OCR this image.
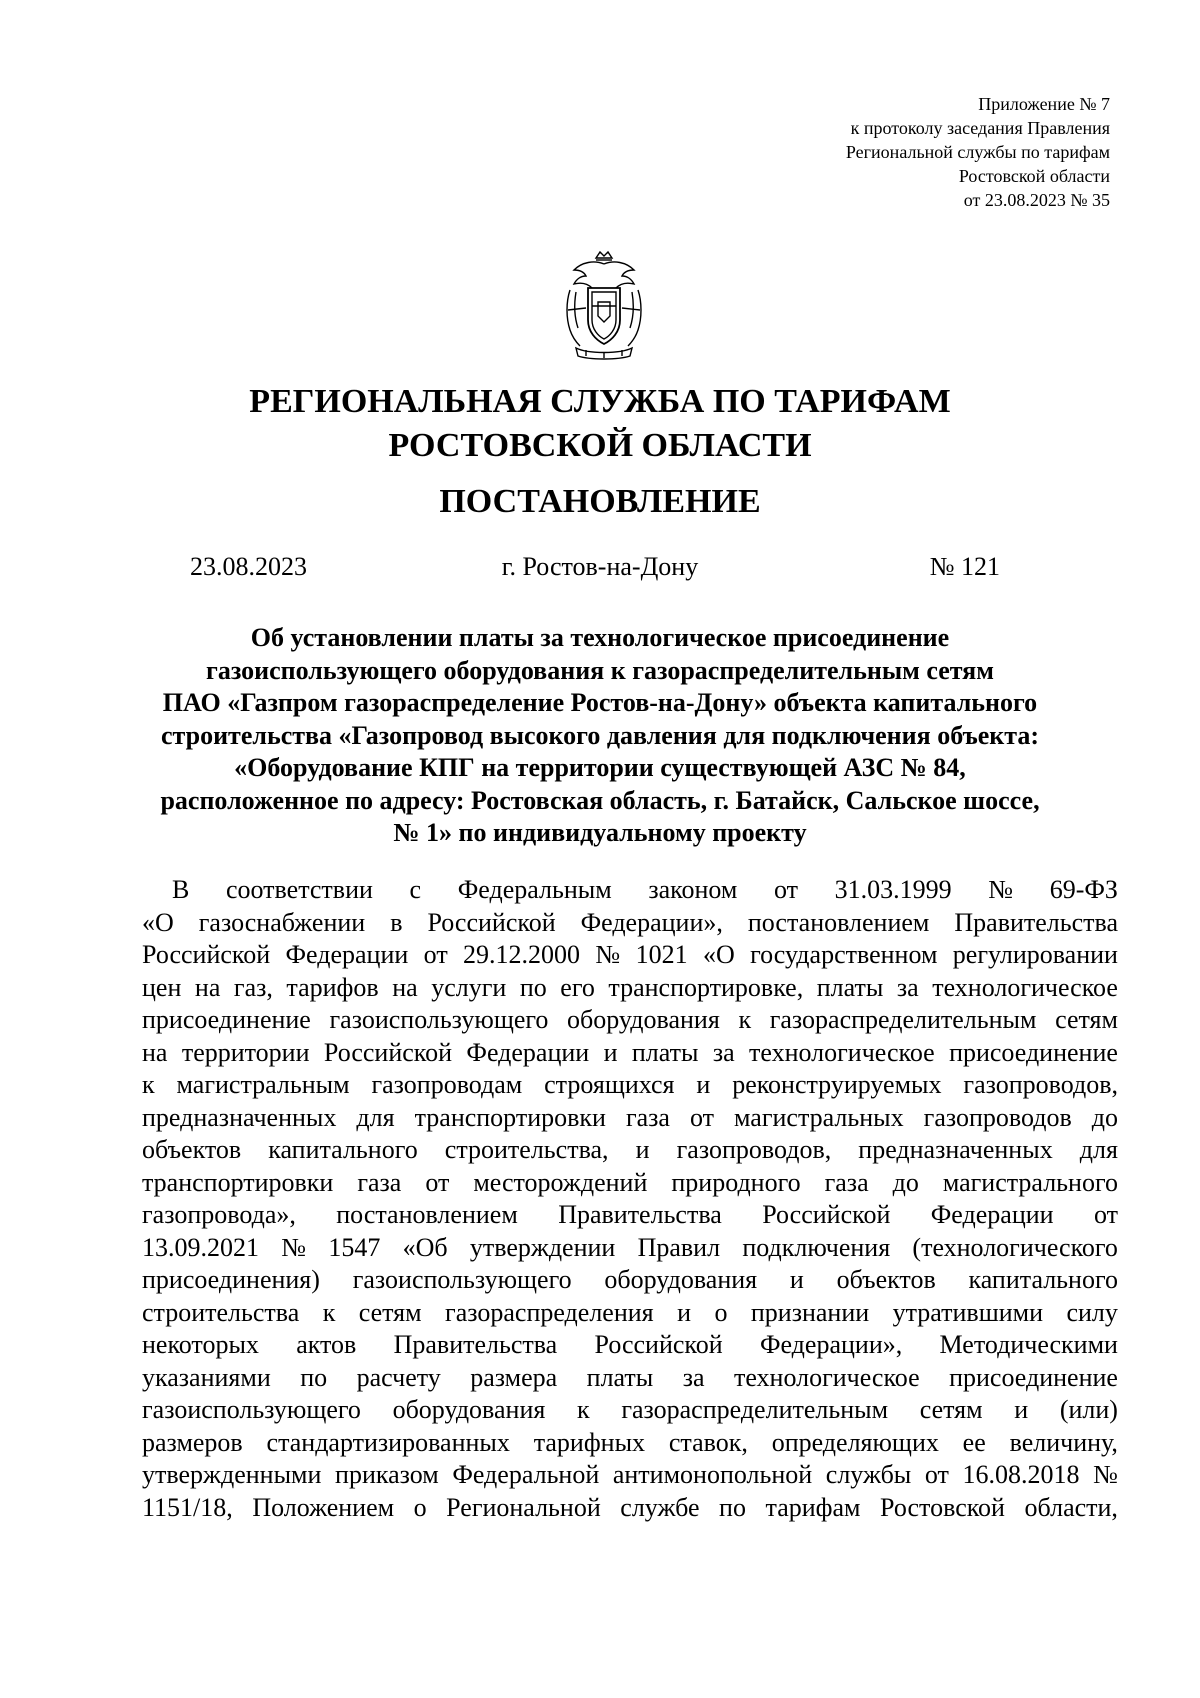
Приложение № 7
к протоколу заседания Правления
Региональной службы по тарифам
Ростовской области
от 23.08.2023 № 35
РЕГИОНАЛЬНАЯ СЛУЖБА ПО ТАРИФАМ
РОСТОВСКОЙ ОБЛАСТИ
ПОСТАНОВЛЕНИЕ
23.08.2023	г. Ростов-на-Дону	№ 121
Об установлении платы за технологическое присоединение
газоиспользующего оборудования к газораспределительным сетям
ПАО «Газпром газораспределение Ростов-на-Дону» объекта капитального
строительства «Газопровод высокого давления для подключения объекта:
«Оборудование КПГ на территории существующей АЗС № 84,
расположенное по адресу: Ростовская область, г. Батайск, Сальское шоссе,
№ 1» по индивидуальному проекту
В соответствии с Федеральным законом от 31.03.1999 № 69-ФЗ
«О газоснабжении в Российской Федерации», постановлением Правительства
Российской Федерации от 29.12.2000 № 1021 «О государственном регулировании
цен на газ, тарифов на услуги по его транспортировке, платы за технологическое
присоединение газоиспользующего оборудования к газораспределительным сетям
на территории Российской Федерации и платы за технологическое присоединение
к магистральным газопроводам строящихся и реконструируемых газопроводов,
предназначенных для транспортировки газа от магистральных газопроводов до
объектов капитального строительства, и газопроводов, предназначенных для
транспортировки газа от месторождений природного газа до магистрального
газопровода», постановлением Правительства Российской Федерации от
13.09.2021 № 1547 «Об утверждении Правил подключения (технологического
присоединения) газоиспользующего оборудования и объектов капитального
строительства к сетям газораспределения и о признании утратившими силу
некоторых актов Правительства Российской Федерации», Методическими
указаниями по расчету размера платы за технологическое присоединение
газоиспользующего оборудования к газораспределительным сетям и (или)
размеров стандартизированных тарифных ставок, определяющих ее величину,
утвержденными приказом Федеральной антимонопольной службы от 16.08.2018 №
1151/18, Положением о Региональной службе по тарифам Ростовской области,
